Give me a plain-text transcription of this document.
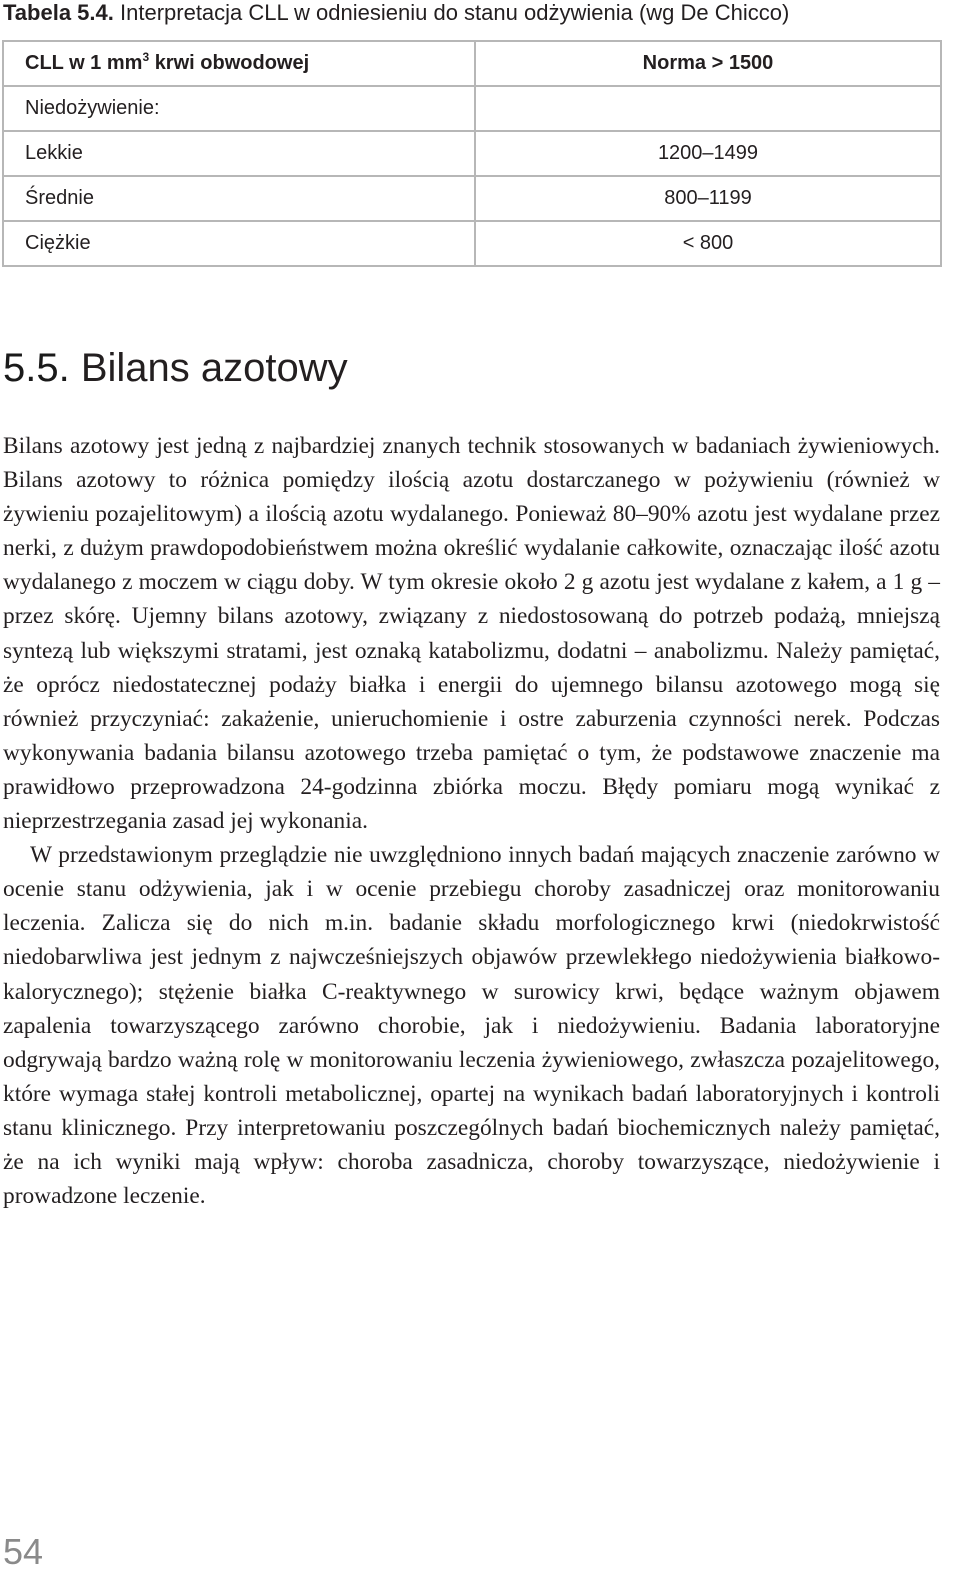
Tabela 5.4. Interpretacja CLL w odniesieniu do stanu odżywienia (wg De Chicco)
CLL w 1 $mm^3$ krwi obwodowej	Norma > 1500
Niedożywienie:	
Lekkie	1200–1499
Średnie	800–1199
Ciężkie	< 800
5.5. Bilans azotowy

Bilans azotowy jest jedną z najbardziej znanych technik stosowanych w badaniach żywieniowych. Bilans azotowy to różnica pomiędzy ilością azotu dostarczanego w pożywieniu (również w żywieniu pozajelitowym) a ilością azotu wydalanego. Ponieważ 80–90% azotu jest wydalane przez nerki, z dużym prawdopodobieństwem można określić wydalanie całkowite, oznaczając ilość azotu wydalanego z moczem w ciągu doby. W tym okresie około 2 g azotu jest wydalane z kałem, a 1 g – przez skórę. Ujemny bilans azotowy, związany z niedostosowaną do potrzeb podażą, mniejszą syntezą lub większymi stratami, jest oznaką katabolizmu, dodatni – anabolizmu. Należy pamiętać, że oprócz niedostatecznej podaży białka i energii do ujemnego bilansu azotowego mogą się również przyczyniać: zakażenie, unieruchomienie i ostre zaburzenia czynności nerek. Podczas wykonywania badania bilansu azotowego trzeba pamiętać o tym, że podstawowe znaczenie ma prawidłowo przeprowadzona 24-godzinna zbiórka moczu. Błędy pomiaru mogą wynikać z nieprzestrzegania zasad jej wykonania.

W przedstawionym przeglądzie nie uwzględniono innych badań mających znaczenie zarówno w ocenie stanu odżywienia, jak i w ocenie przebiegu choroby zasadniczej oraz monitorowaniu leczenia. Zalicza się do nich m.in. badanie składu morfologicznego krwi (niedokrwistość niedobarwliwa jest jednym z najwcześniejszych objawów przewlekłego niedożywienia białkowo-kalorycznego); stężenie białka C-reaktywnego w surowicy krwi, będące ważnym objawem zapalenia towarzyszącego zarówno chorobie, jak i niedożywieniu. Badania laboratoryjne odgrywają bardzo ważną rolę w monitorowaniu leczenia żywieniowego, zwłaszcza pozajelitowego, które wymaga stałej kontroli metabolicznej, opartej na wynikach badań laboratoryjnych i kontroli stanu klinicznego. Przy interpretowaniu poszczególnych badań biochemicznych należy pamiętać, że na ich wyniki mają wpływ: choroba zasadnicza, choroby towarzyszące, niedożywienie i prowadzone leczenie.

54
